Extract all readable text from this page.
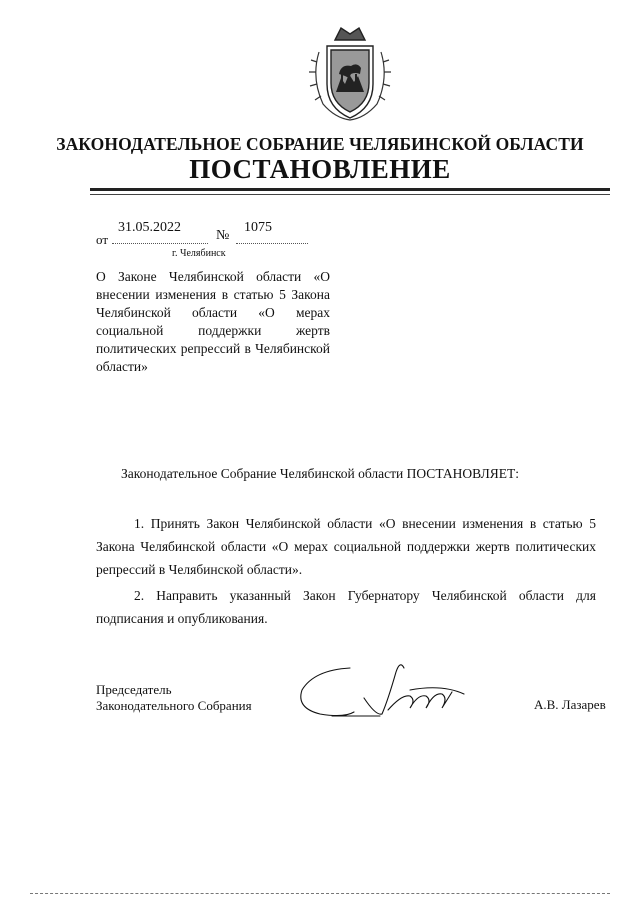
ЗАКОНОДАТЕЛЬНОЕ СОБРАНИЕ ЧЕЛЯБИНСКОЙ ОБЛАСТИ
ПОСТАНОВЛЕНИЕ
от
31.05.2022
№
1075
г. Челябинск
О Законе Челябинской области «О внесении изменения в статью 5 Закона Челябинской области «О мерах социальной поддержки жертв политических репрессий в Челябинской области»
Законодательное Собрание Челябинской области ПОСТАНОВЛЯЕТ:
1. Принять Закон Челябинской области «О внесении изменения в статью 5 Закона Челябинской области «О мерах социальной поддержки жертв политических репрессий в Челябинской области».
2. Направить указанный Закон Губернатору Челябинской области для подписания и опубликования.
Председатель
Законодательного Собрания	А.В. Лазарев
